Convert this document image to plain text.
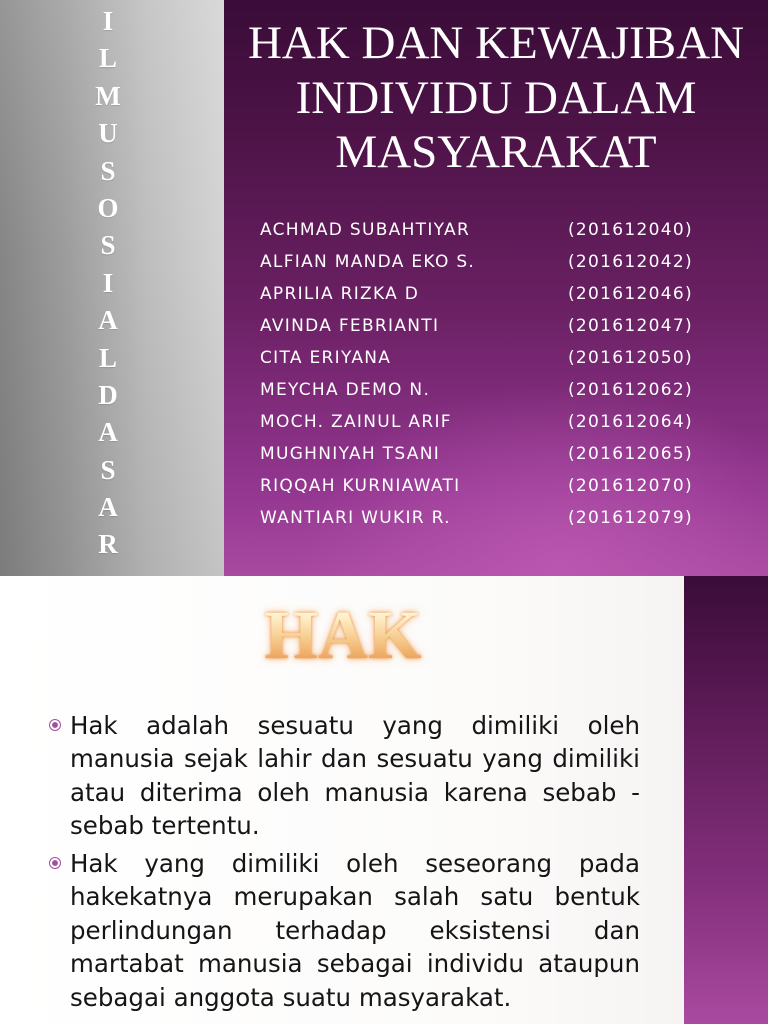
I
L
M
U
S
O
S
I
A
L
D
A
S
A
R
HAK DAN KEWAJIBAN
INDIVIDU DALAM
MASYARAKAT
ACHMAD SUBAHTIYAR	(201612040)
ALFIAN MANDA EKO S.	(201612042)
APRILIA RIZKA D	(201612046)
AVINDA FEBRIANTI	(201612047)
CITA ERIYANA	(201612050)
MEYCHA DEMO N.	(201612062)
MOCH. ZAINUL ARIF	(201612064)
MUGHNIYAH TSANI	(201612065)
RIQQAH KURNIAWATI	(201612070)
WANTIARI WUKIR R.	(201612079)
HAK

Hak adalah sesuatu yang dimiliki oleh manusia sejak lahir dan sesuatu yang dimiliki atau diterima oleh manusia karena sebab - sebab tertentu.

Hak yang dimiliki oleh seseorang pada hakekatnya merupakan salah satu bentuk perlindungan terhadap eksistensi dan martabat manusia sebagai individu ataupun sebagai anggota suatu masyarakat.
